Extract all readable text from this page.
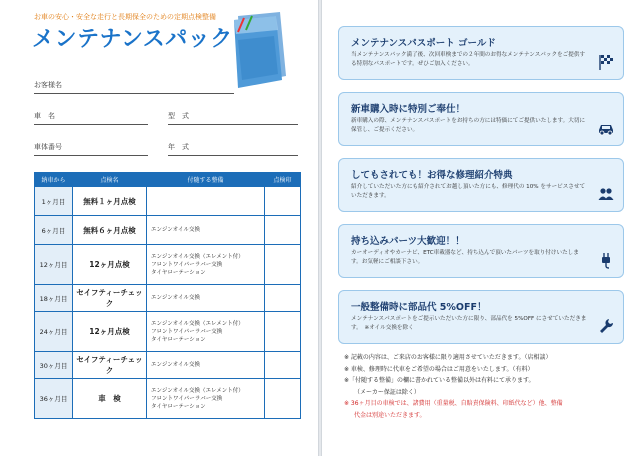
お車の安心・安全な走行と長期保全のための定期点検整備
メンテナンスパック
お客様名
車　名	型　式
車体番号	年　式
納車から	点検名	付随する整備	点検印
1ヶ月目	無料１ヶ月点検		
6ヶ月目	無料６ヶ月点検	エンジンオイル交換	

12ヶ月目	12ヶ月点検	エンジンオイル交換（エレメント付）
フロントワイパーラバー交換
タイヤローテーション	

18ヶ月目	セイフティーチェック	エンジンオイル交換	

24ヶ月目	12ヶ月点検	エンジンオイル交換（エレメント付）
フロントワイパーラバー交換
タイヤローテーション	

30ヶ月目	セイフティーチェック	エンジンオイル交換	

36ヶ月目	車　検	エンジンオイル交換（エレメント付）
フロントワイパーラバー交換
タイヤローテーション	

メンテナンスパスポート ゴールド
当メンテナンスパック満了後、次回車検までの２年間のお得なメンテナンスパックをご提供する特別なパスポートです。ぜひご加入ください。
新車購入時に特別ご奉仕！
新車購入の際、メンテナンスパスポートをお持ちの方には特価にてご提供いたします。大切に保管し、ご提示ください。
してもされても！お得な修理紹介特典
紹介していただいた方にも紹介されてお越し頂いた方にも、修理代の 10% をサービスさせていただきます。
持ち込みパーツ大歓迎！！
カーオーディオやカーナビ、ETC車載器など、持ち込んで頂いたパーツを取り付けいたします。お気軽にご相談下さい。
一般整備時に部品代 5%OFF！
メンテナンスパスポートをご提示いただいた方に限り、部品代を 5%OFF にさせていただきます。　※オイル交換を除く
※ 記載の内容は、ご来店のお客様に限り適用させていただきます。（店相談）
※ 車検、修理時に代車をご希望の場合はご用意をいたします。（有料）
※「付随する整備」の欄に書かれている整備以外は有料にて承ります。
（メーカー保証は除く）
※ 36ヶ月目の車検では、諸費用（重量税、自賠責保険料、印紙代など）他、整備
代金は別途いただきます。
